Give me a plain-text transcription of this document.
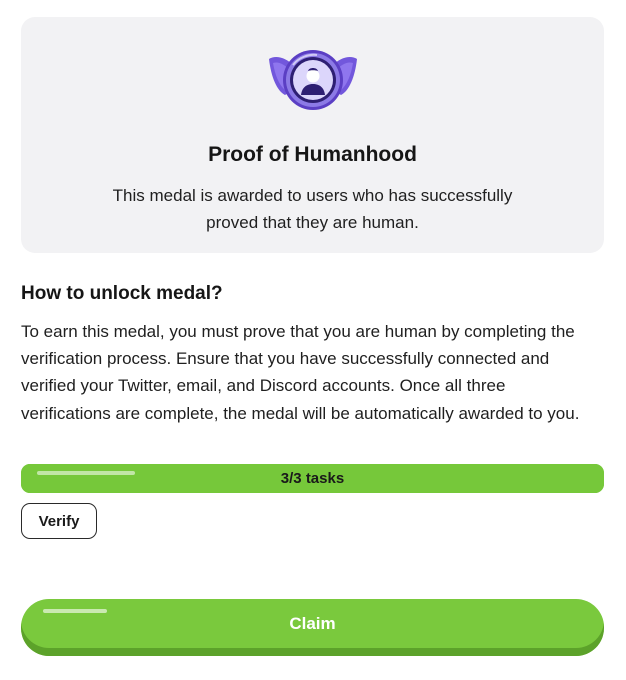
Proof of Humanhood
This medal is awarded to users who has successfully proved that they are human.
How to unlock medal?
To earn this medal, you must prove that you are human by completing the verification process. Ensure that you have successfully connected and verified your Twitter, email, and Discord accounts. Once all three verifications are complete, the medal will be automatically awarded to you.
3/3 tasks
Verify
Claim
